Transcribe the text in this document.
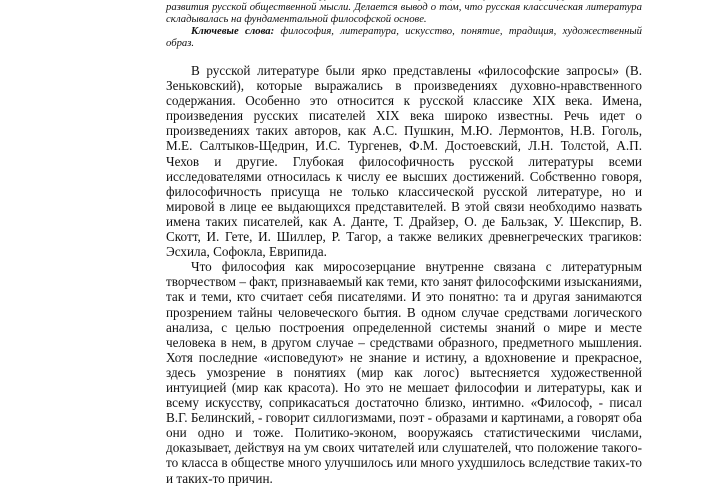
развития русской общественной мысли. Делается вывод о том, что русская классическая литература складывалась на фундаментальной философской основе.

Ключевые слова: философия, литература, искусство, понятие, традиция, художественный образ.

В русской литературе были ярко представлены «философские запросы» (В. Зеньковский), которые выражались в произведениях духовно-нравственного содержания. Особенно это относится к русской классике XIX века. Имена, произведения русских писателей XIX века широко известны. Речь идет о произведениях таких авторов, как А.С. Пушкин, М.Ю. Лермонтов, Н.В. Гоголь, М.Е. Салтыков-Щедрин, И.С. Тургенев, Ф.М. Достоевский, Л.Н. Толстой, А.П. Чехов и другие. Глубокая философичность русской литературы всеми исследователями относилась к числу ее высших достижений. Собственно говоря, философичность присуща не только классической русской литературе, но и мировой в лице ее выдающихся представителей. В этой связи необходимо назвать имена таких писателей, как А. Данте, Т. Драйзер, О. де Бальзак, У. Шекспир, В. Скотт, И. Гете, И. Шиллер, Р. Тагор, а также великих древнегреческих трагиков: Эсхила, Софокла, Еврипида.

Что философия как миросозерцание внутренне связана с литературным творчеством – факт, признаваемый как теми, кто занят философскими изысканиями, так и теми, кто считает себя писателями. И это понятно: та и другая занимаются прозрением тайны человеческого бытия. В одном случае средствами логического анализа, с целью построения определенной системы знаний о мире и месте человека в нем, в другом случае – средствами образного, предметного мышления. Хотя последние «исповедуют» не знание и истину, а вдохновение и прекрасное, здесь умозрение в понятиях (мир как логос) вытесняется художественной интуицией (мир как красота). Но это не мешает философии и литературы, как и всему искусству, соприкасаться достаточно близко, интимно. «Философ, - писал В.Г. Белинский, - говорит силлогизмами, поэт - образами и картинами, а говорят оба они одно и тоже. Политико-эконом, вооружаясь статистическими числами, доказывает, действуя на ум своих читателей или слушателей, что положение такого-то класса в обществе много улучшилось или много ухудшилось вследствие таких-то и таких-то причин.
